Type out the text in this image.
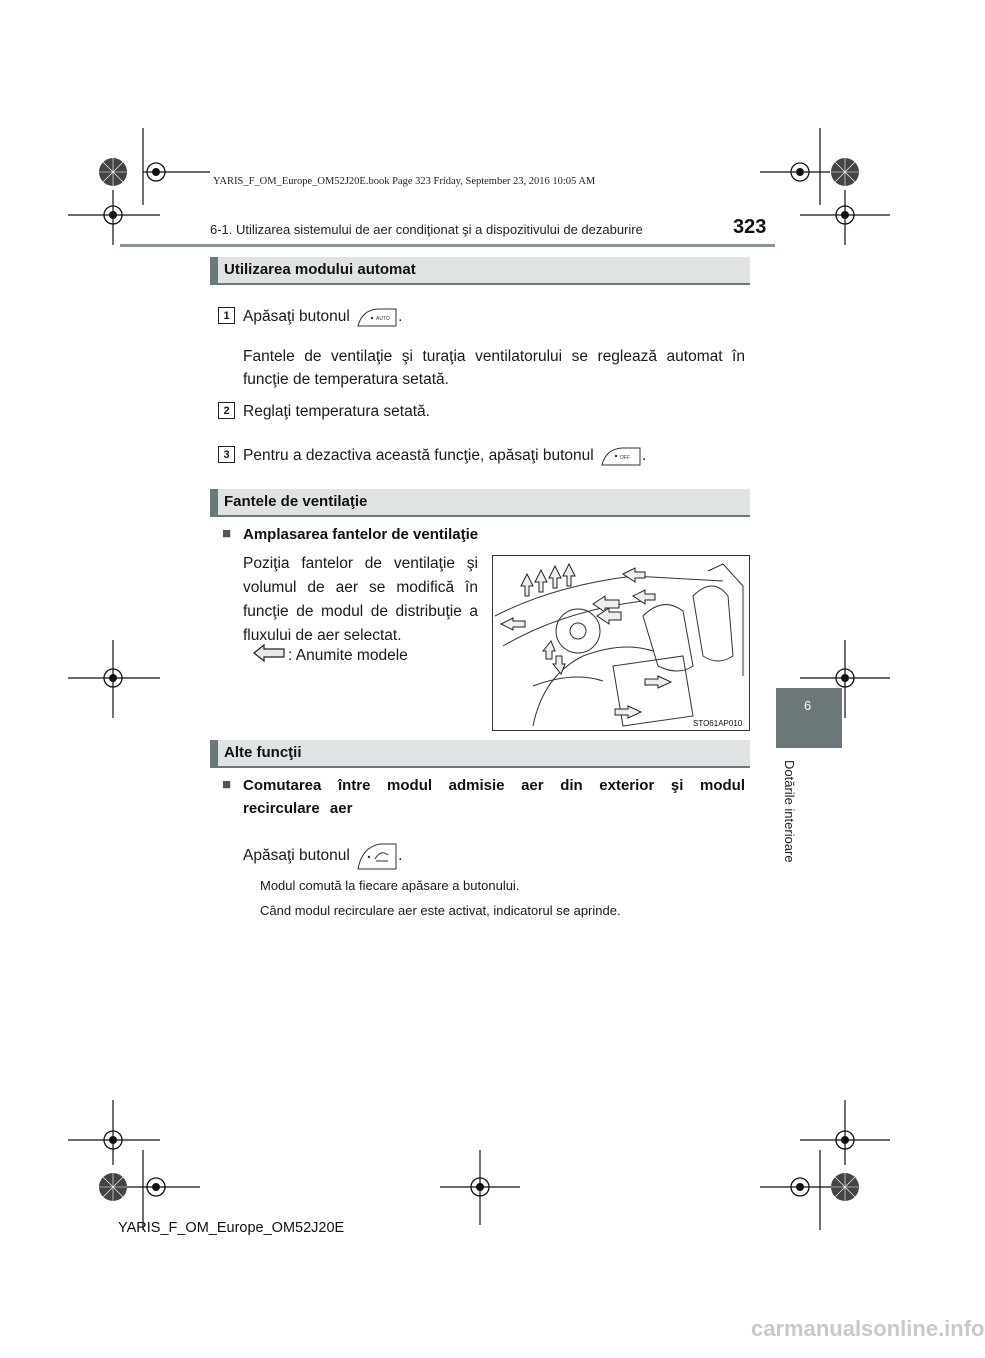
YARIS_F_OM_Europe_OM52J20E.book Page 323 Friday, September 23, 2016 10:05 AM
6-1. Utilizarea sistemului de aer condiţionat şi a dispozitivului de dezaburire	323
Utilizarea modului automat
1 Apăsaţi butonul	AUTO .
Fantele de ventilaţie şi turaţia ventilatorului se reglează automat în funcţie de temperatura setată.
2 Reglaţi temperatura setată.
3 Pentru a dezactiva această funcţie, apăsaţi butonul	OFF .
Fantele de ventilaţie
■ Amplasarea fantelor de ventilaţie
Poziţia fantelor de ventilaţie şi volumul de aer se modifică în funcţie de modul de distribuţie a fluxului de aer selectat.
: Anumite modele
STO61AP010
Alte funcţii
■ Comutarea între modul admisie aer din exterior şi modul recirculare aer
Apăsaţi butonul	.
Modul comută la fiecare apăsare a butonului.
Când modul recirculare aer este activat, indicatorul se aprinde.
6
Dotările interioare
YARIS_F_OM_Europe_OM52J20E
carmanualsonline.info
